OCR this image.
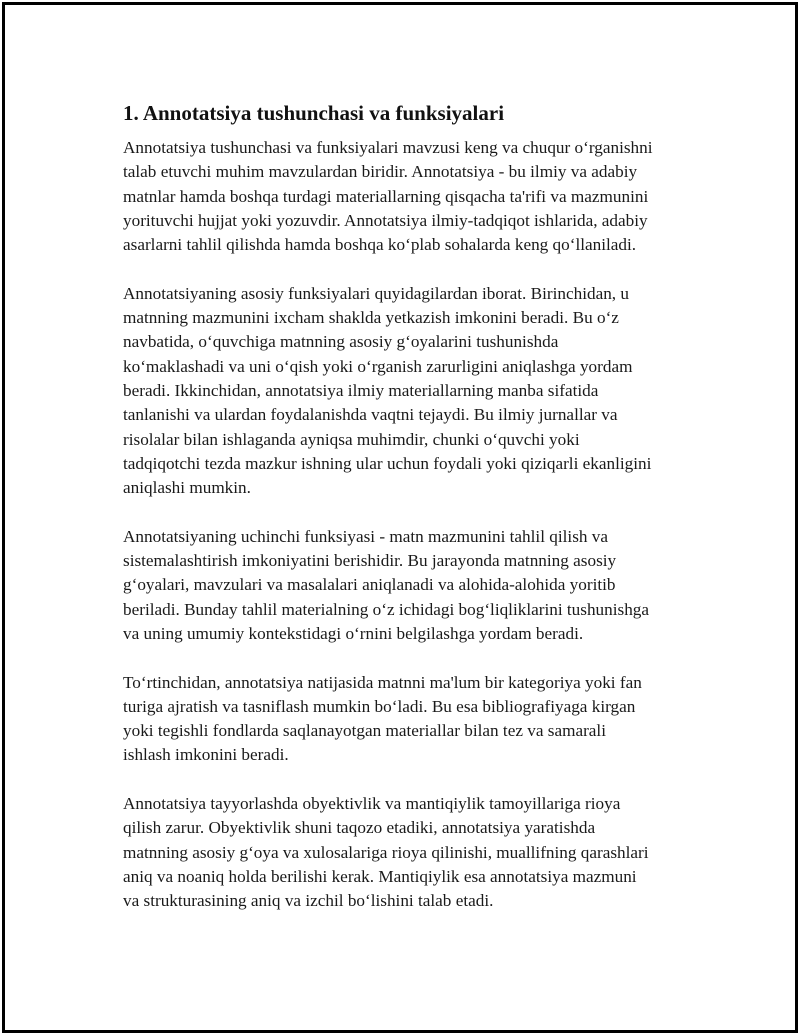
1. Annotatsiya tushunchasi va funksiyalari

Annotatsiya tushunchasi va funksiyalari mavzusi keng va chuqur o‘rganishni
talab etuvchi muhim mavzulardan biridir. Annotatsiya - bu ilmiy va adabiy
matnlar hamda boshqa turdagi materiallarning qisqacha ta'rifi va mazmunini
yorituvchi hujjat yoki yozuvdir. Annotatsiya ilmiy-tadqiqot ishlarida, adabiy
asarlarni tahlil qilishda hamda boshqa ko‘plab sohalarda keng qo‘llaniladi.

Annotatsiyaning asosiy funksiyalari quyidagilardan iborat. Birinchidan, u
matnning mazmunini ixcham shaklda yetkazish imkonini beradi. Bu o‘z
navbatida, o‘quvchiga matnning asosiy g‘oyalarini tushunishda
ko‘maklashadi va uni o‘qish yoki o‘rganish zarurligini aniqlashga yordam
beradi. Ikkinchidan, annotatsiya ilmiy materiallarning manba sifatida
tanlanishi va ulardan foydalanishda vaqtni tejaydi. Bu ilmiy jurnallar va
risolalar bilan ishlaganda ayniqsa muhimdir, chunki o‘quvchi yoki
tadqiqotchi tezda mazkur ishning ular uchun foydali yoki qiziqarli ekanligini
aniqlashi mumkin.

Annotatsiyaning uchinchi funksiyasi - matn mazmunini tahlil qilish va
sistemalashtirish imkoniyatini berishidir. Bu jarayonda matnning asosiy
g‘oyalari, mavzulari va masalalari aniqlanadi va alohida-alohida yoritib
beriladi. Bunday tahlil materialning o‘z ichidagi bog‘liqliklarini tushunishga
va uning umumiy kontekstidagi o‘rnini belgilashga yordam beradi.

To‘rtinchidan, annotatsiya natijasida matnni ma'lum bir kategoriya yoki fan
turiga ajratish va tasniflash mumkin bo‘ladi. Bu esa bibliografiyaga kirgan
yoki tegishli fondlarda saqlanayotgan materiallar bilan tez va samarali
ishlash imkonini beradi.

Annotatsiya tayyorlashda obyektivlik va mantiqiylik tamoyillariga rioya
qilish zarur. Obyektivlik shuni taqozo etadiki, annotatsiya yaratishda
matnning asosiy g‘oya va xulosalariga rioya qilinishi, muallifning qarashlari
aniq va noaniq holda berilishi kerak. Mantiqiylik esa annotatsiya mazmuni
va strukturasining aniq va izchil bo‘lishini talab etadi.
